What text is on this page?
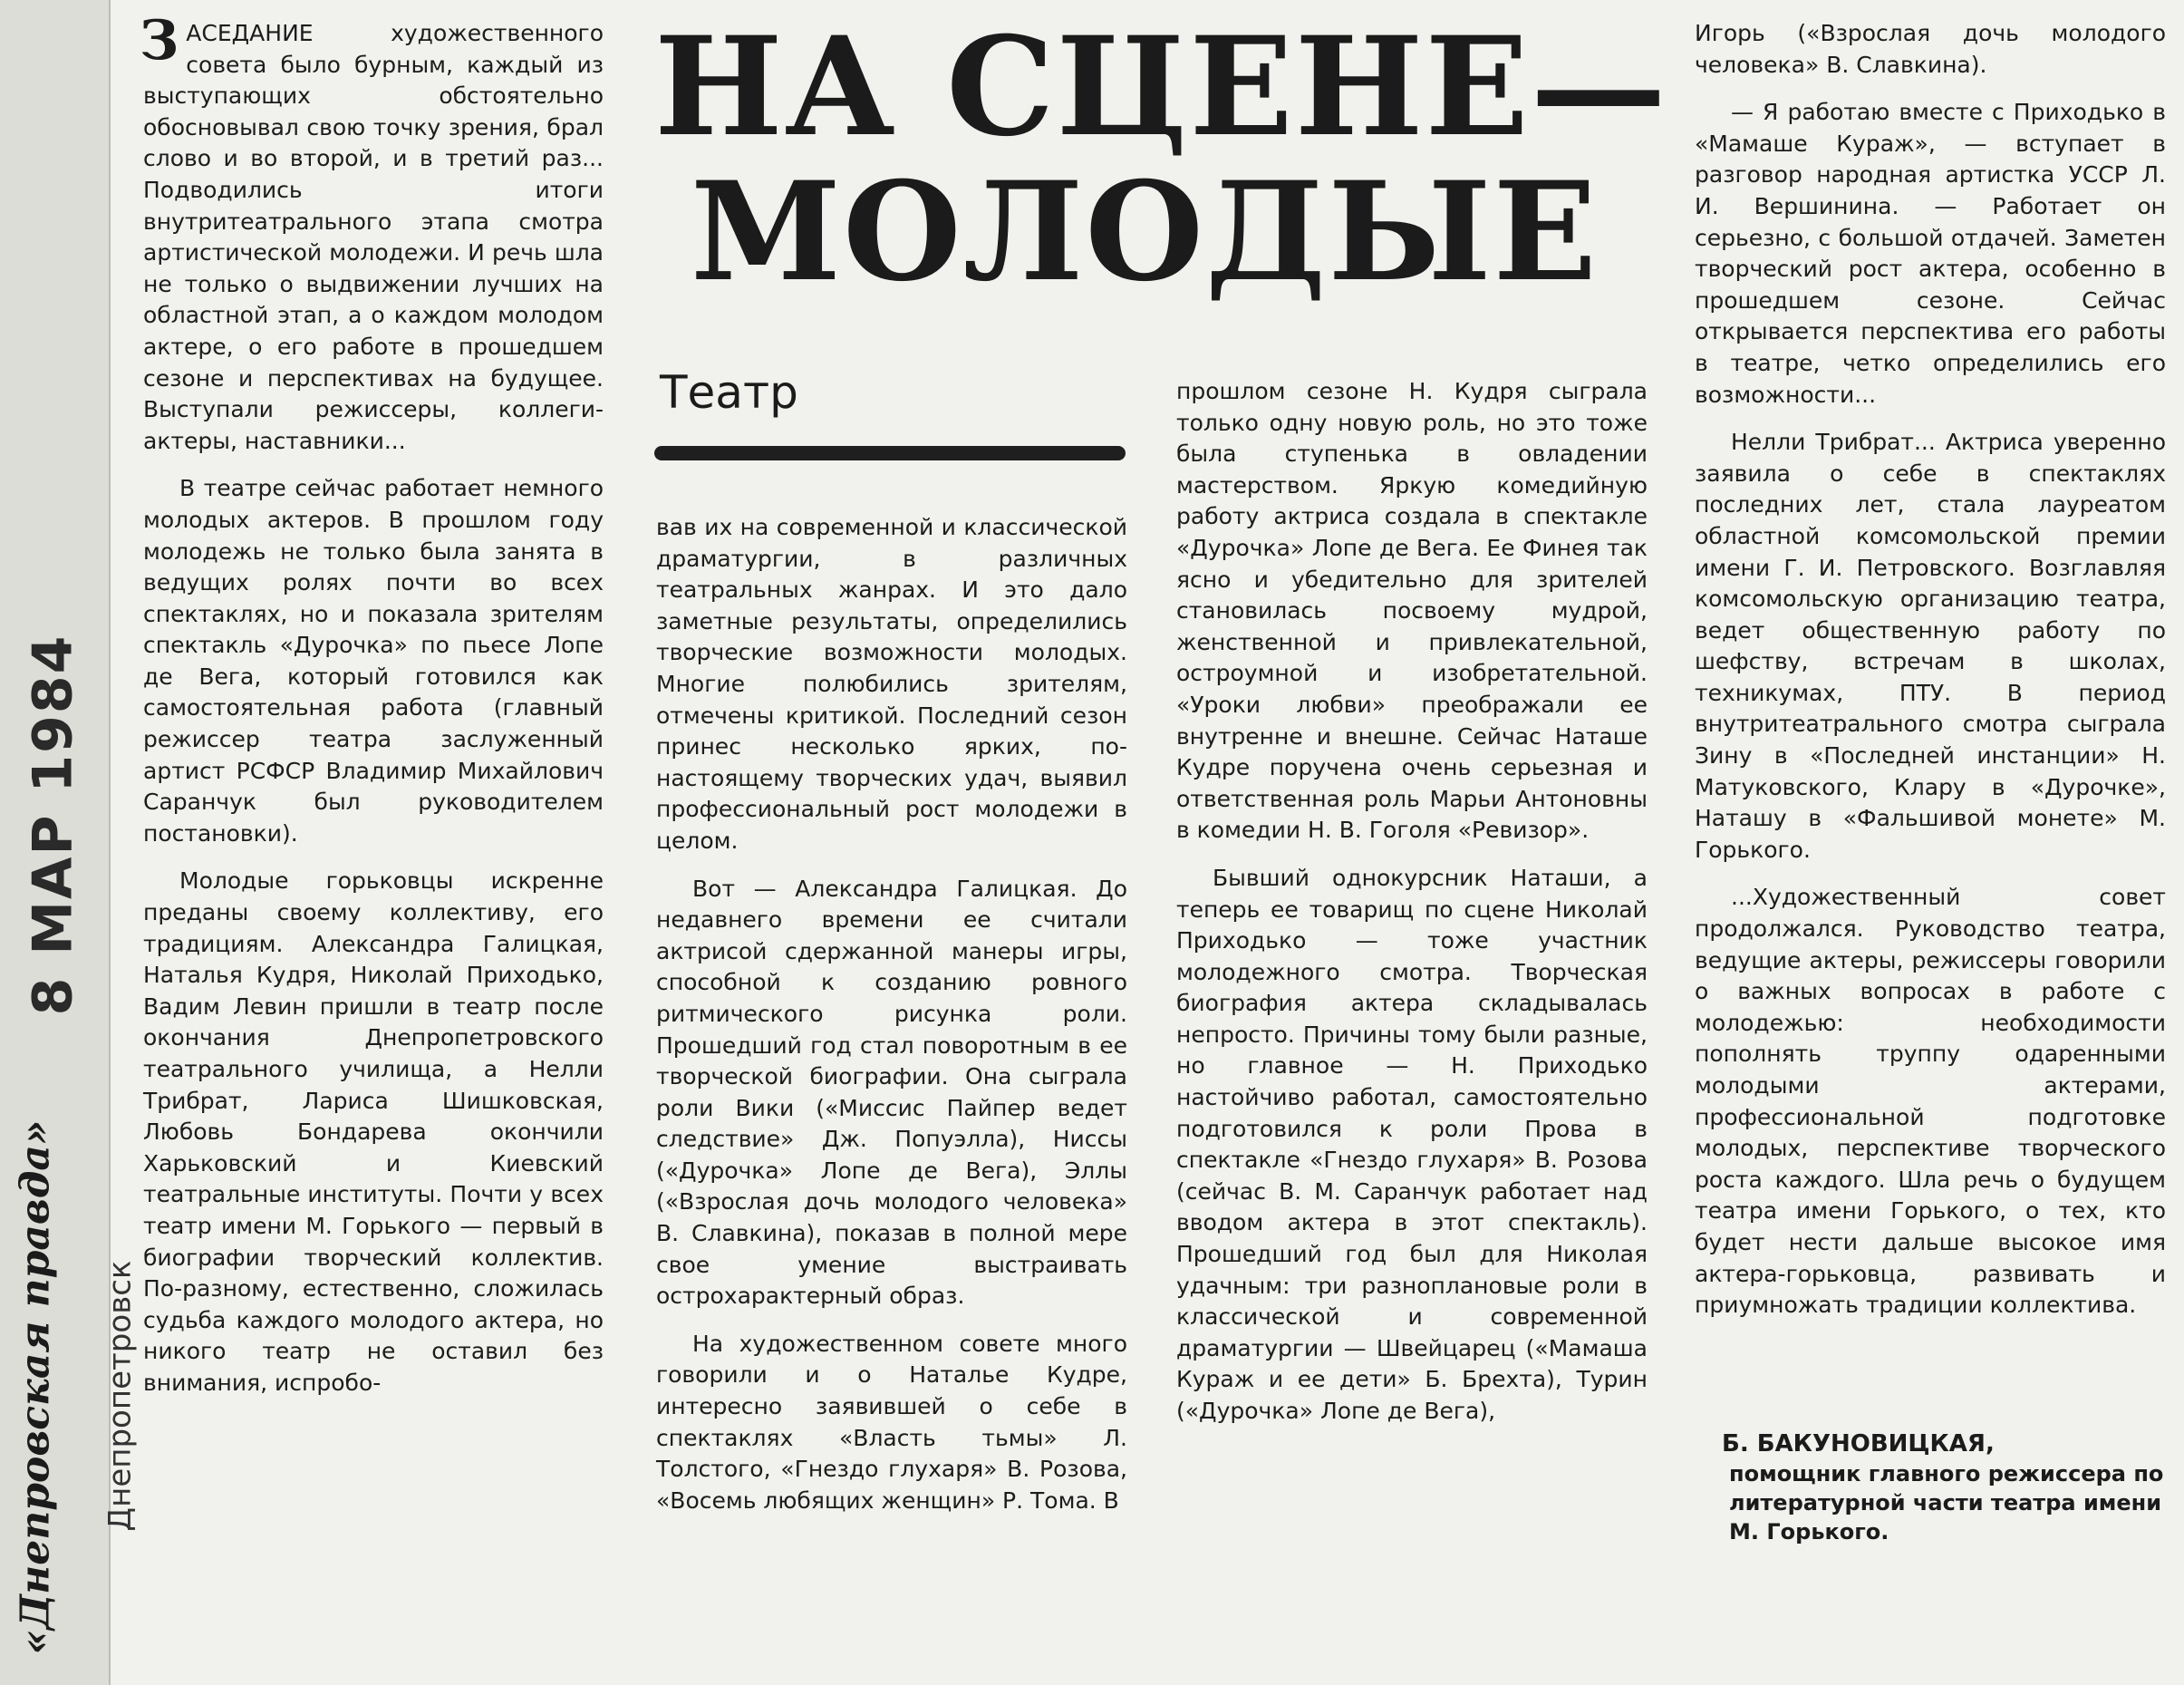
8 МАР 1984
«Днепровская правда» Днепропетровск
НА СЦЕНЕ—
МОЛОДЫЕ
Театр

ЗАСЕДАНИЕ художественного совета было бурным, каждый из выступающих обстоятельно обосновывал свою точку зрения, брал слово и во второй, и в третий раз... Подводились итоги внутритеатрального этапа смотра артистической молодежи. И речь шла не только о выдвижении лучших на областной этап, а о каждом молодом актере, о его работе в прошедшем сезоне и перспективах на будущее. Выступали режиссеры, коллеги-актеры, наставники...

В театре сейчас работает немного молодых актеров. В прошлом году молодежь не только была занята в ведущих ролях почти во всех спектаклях, но и показала зрителям спектакль «Дурочка» по пьесе Лопе де Вега, который готовился как самостоятельная работа (главный режиссер театра заслуженный артист РСФСР Владимир Михайлович Саранчук был руководителем постановки).

Молодые горьковцы искренне преданы своему коллективу, его традициям. Александра Галицкая, Наталья Кудря, Николай Приходько, Вадим Левин пришли в театр после окончания Днепропетровского театрального училища, а Нелли Трибрат, Лариса Шишковская, Любовь Бондарева окончили Харьковский и Киевский театральные институты. Почти у всех театр имени М. Горького — первый в биографии творческий коллектив. По-разному, естественно, сложилась судьба каждого молодого актера, но никого театр не оставил без внимания, испробо-

вав их на современной и классической драматургии, в различных театральных жанрах. И это дало заметные результаты, определились творческие возможности молодых. Многие полюбились зрителям, отмечены критикой. Последний сезон принес несколько ярких, по-настоящему творческих удач, выявил профессиональный рост молодежи в целом.

Вот — Александра Галицкая. До недавнего времени ее считали актрисой сдержанной манеры игры, способной к созданию ровного ритмического рисунка роли. Прошедший год стал поворотным в ее творческой биографии. Она сыграла роли Вики («Миссис Пайпер ведет следствие» Дж. Попуэлла), Ниссы («Дурочка» Лопе де Вега), Эллы («Взрослая дочь молодого человека» В. Славкина), показав в полной мере свое умение выстраивать острохарактерный образ.

На художественном совете много говорили и о Наталье Кудре, интересно заявившей о себе в спектаклях «Власть тьмы» Л. Толстого, «Гнездо глухаря» В. Розова, «Восемь любящих женщин» Р. Тома. В

прошлом сезоне Н. Кудря сыграла только одну новую роль, но это тоже была ступенька в овладении мастерством. Яркую комедийную работу актриса создала в спектакле «Дурочка» Лопе де Вега. Ее Финея так ясно и убедительно для зрителей становилась посвоему мудрой, женственной и привлекательной, остроумной и изобретательной. «Уроки любви» преображали ее внутренне и внешне. Сейчас Наташе Кудре поручена очень серьезная и ответственная роль Марьи Антоновны в комедии Н. В. Гоголя «Ревизор».

Бывший однокурсник Наташи, а теперь ее товарищ по сцене Николай Приходько — тоже участник молодежного смотра. Творческая биография актера складывалась непросто. Причины тому были разные, но главное — Н. Приходько настойчиво работал, самостоятельно подготовился к роли Прова в спектакле «Гнездо глухаря» В. Розова (сейчас В. М. Саранчук работает над вводом актера в этот спектакль). Прошедший год был для Николая удачным: три разноплановые роли в классической и современной драматургии — Швейцарец («Мамаша Кураж и ее дети» Б. Брехта), Турин («Дурочка» Лопе де Вега),

Игорь («Взрослая дочь молодого человека» В. Славкина).

— Я работаю вместе с Приходько в «Мамаше Кураж», — вступает в разговор народная артистка УССР Л. И. Вершинина. — Работает он серьезно, с большой отдачей. Заметен творческий рост актера, особенно в прошедшем сезоне. Сейчас открывается перспектива его работы в театре, четко определились его возможности...

Нелли Трибрат... Актриса уверенно заявила о себе в спектаклях последних лет, стала лауреатом областной комсомольской премии имени Г. И. Петровского. Возглавляя комсомольскую организацию театра, ведет общественную работу по шефству, встречам в школах, техникумах, ПТУ. В период внутритеатрального смотра сыграла Зину в «Последней инстанции» Н. Матуковского, Клару в «Дурочке», Наташу в «Фальшивой монете» М. Горького.

...Художественный совет продолжался. Руководство театра, ведущие актеры, режиссеры говорили о важных вопросах в работе с молодежью: необходимости пополнять труппу одаренными молодыми актерами, профессиональной подготовке молодых, перспективе творческого роста каждого. Шла речь о будущем театра имени Горького, о тех, кто будет нести дальше высокое имя актера-горьковца, развивать и приумножать традиции коллектива.

Б. БАКУНОВИЦКАЯ,
помощник главного режиссера по литературной части театра имени М. Горького.
